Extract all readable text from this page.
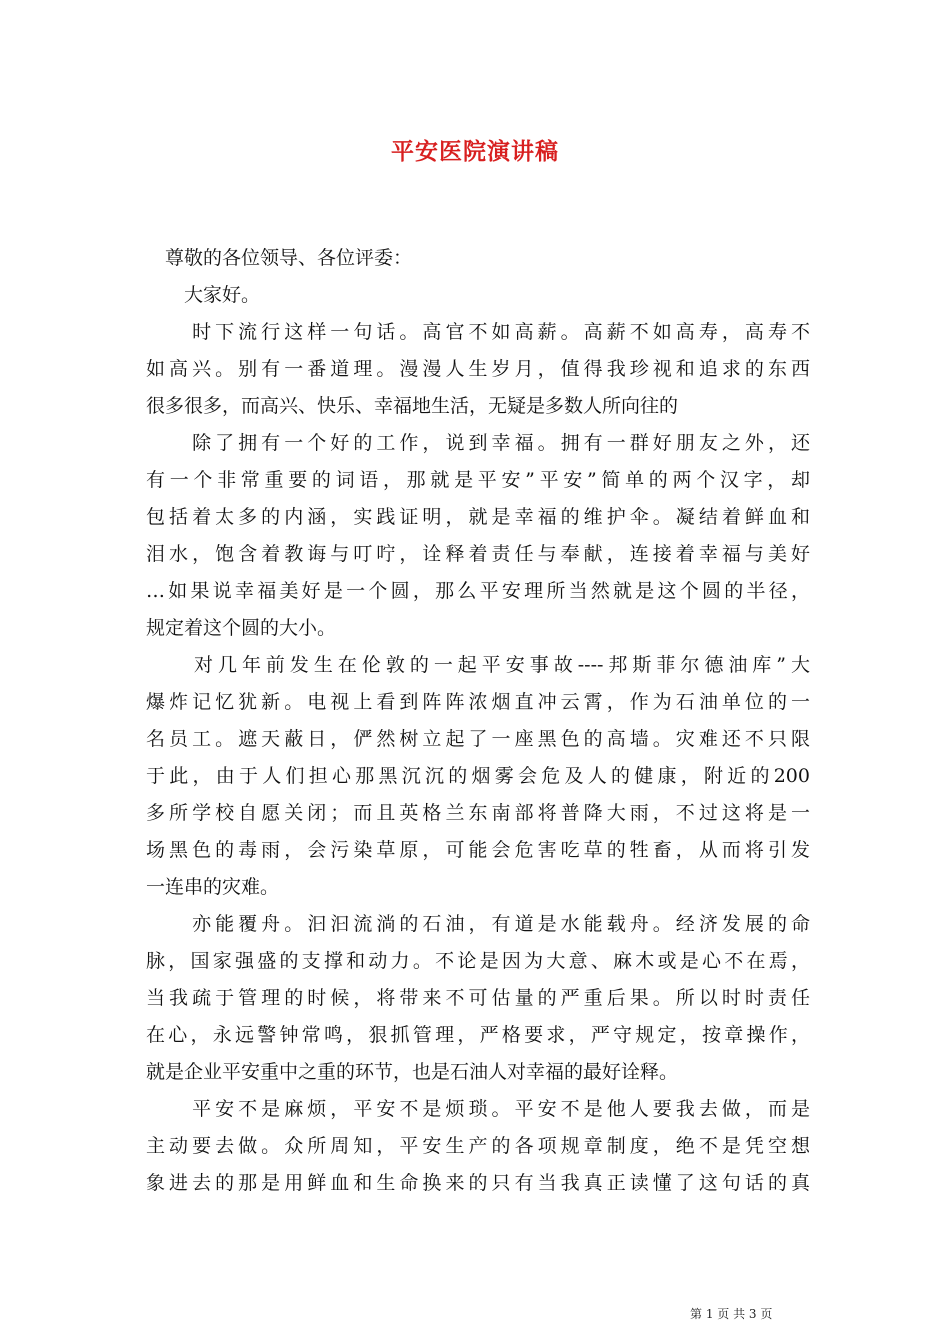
平安医院演讲稿
　尊敬的各位领导、各位评委：
　　大家好。
　　时下流行这样一句话。高官不如高薪。高薪不如高寿，高寿不
如高兴。别有一番道理。漫漫人生岁月，值得我珍视和追求的东西
很多很多，而高兴、快乐、幸福地生活，无疑是多数人所向往的
　　除了拥有一个好的工作，说到幸福。拥有一群好朋友之外，还
有一个非常重要的词语，那就是平安”平安”简单的两个汉字，却
包括着太多的内涵，实践证明，就是幸福的维护伞。凝结着鲜血和
泪水，饱含着教诲与叮咛，诠释着责任与奉献，连接着幸福与美好
…如果说幸福美好是一个圆，那么平安理所当然就是这个圆的半径，
规定着这个圆的大小。
　　对几年前发生在伦敦的一起平安事故----邦斯菲尔德油库”大
爆炸记忆犹新。电视上看到阵阵浓烟直冲云霄，作为石油单位的一
名员工。遮天蔽日，俨然树立起了一座黑色的高墙。灾难还不只限
于此，由于人们担心那黑沉沉的烟雾会危及人的健康，附近的200
多所学校自愿关闭；而且英格兰东南部将普降大雨，不过这将是一
场黑色的毒雨，会污染草原，可能会危害吃草的牲畜，从而将引发
一连串的灾难。
　　亦能覆舟。汩汩流淌的石油，有道是水能载舟。经济发展的命
脉，国家强盛的支撑和动力。不论是因为大意、麻木或是心不在焉，
当我疏于管理的时候，将带来不可估量的严重后果。所以时时责任
在心，永远警钟常鸣，狠抓管理，严格要求，严守规定，按章操作，
就是企业平安重中之重的环节，也是石油人对幸福的最好诠释。
　　平安不是麻烦，平安不是烦琐。平安不是他人要我去做，而是
主动要去做。众所周知，平安生产的各项规章制度，绝不是凭空想
象进去的那是用鲜血和生命换来的只有当我真正读懂了这句话的真
第 1 页 共 3 页
